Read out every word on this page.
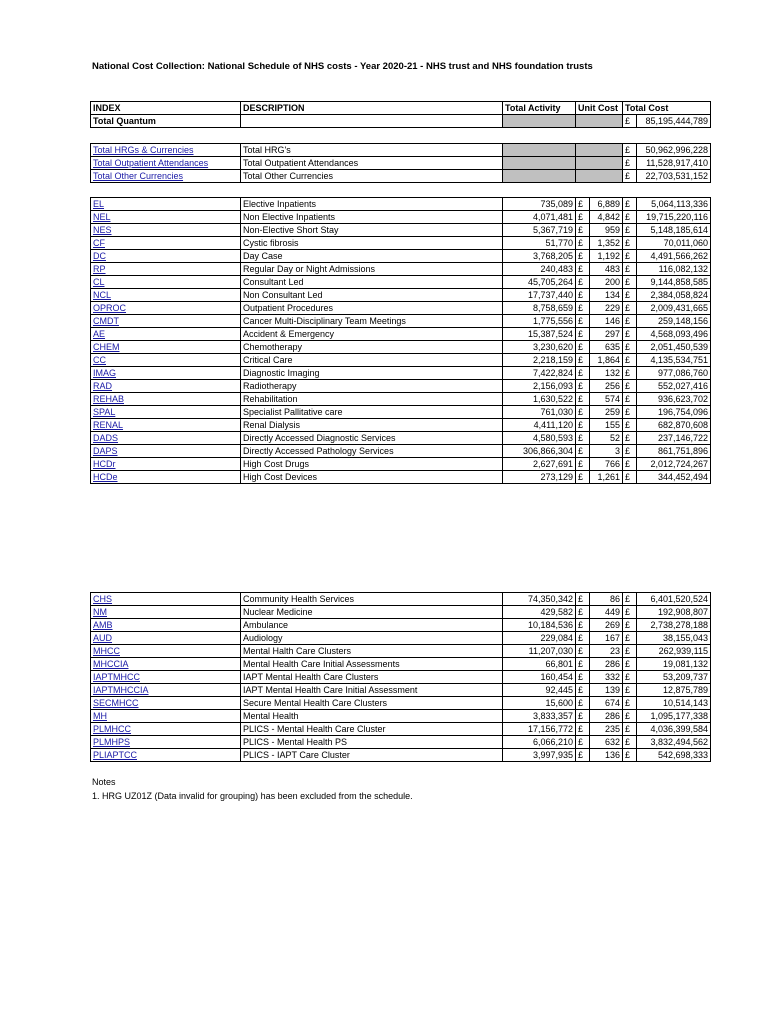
National Cost Collection: National Schedule of NHS costs - Year 2020-21 - NHS trust and NHS foundation trusts
INDEX	DESCRIPTION	Total Activity	Unit Cost	Total Cost	
Total Quantum				£	85,195,444,789
Total HRGs & Currencies	Total HRG's			£	50,962,996,228
Total Outpatient Attendances	Total Outpatient Attendances			£	11,528,917,410
Total Other Currencies	Total Other Currencies			£	22,703,531,152
EL	Elective Inpatients	735,089	£	6,889	£	5,064,113,336
NEL	Non Elective Inpatients	4,071,481	£	4,842	£	19,715,220,116
NES	Non-Elective Short Stay	5,367,719	£	959	£	5,148,185,614
CF	Cystic fibrosis	51,770	£	1,352	£	70,011,060
DC	Day Case	3,768,205	£	1,192	£	4,491,566,262
RP	Regular Day or Night Admissions	240,483	£	483	£	116,082,132
CL	Consultant Led	45,705,264	£	200	£	9,144,858,585
NCL	Non Consultant Led	17,737,440	£	134	£	2,384,058,824
OPROC	Outpatient Procedures	8,758,659	£	229	£	2,009,431,665
CMDT	Cancer Multi-Disciplinary Team Meetings	1,775,556	£	146	£	259,148,156
AE	Accident & Emergency	15,387,524	£	297	£	4,568,093,496
CHEM	Chemotherapy	3,230,620	£	635	£	2,051,450,539
CC	Critical Care	2,218,159	£	1,864	£	4,135,534,751
IMAG	Diagnostic Imaging	7,422,824	£	132	£	977,086,760
RAD	Radiotherapy	2,156,093	£	256	£	552,027,416
REHAB	Rehabilitation	1,630,522	£	574	£	936,623,702
SPAL	Specialist Pallitative care	761,030	£	259	£	196,754,096
RENAL	Renal Dialysis	4,411,120	£	155	£	682,870,608
DADS	Directly Accessed Diagnostic Services	4,580,593	£	52	£	237,146,722
DAPS	Directly Accessed Pathology Services	306,866,304	£	3	£	861,751,896
HCDr	High Cost Drugs	2,627,691	£	766	£	2,012,724,267
HCDe	High Cost Devices	273,129	£	1,261	£	344,452,494
CHS	Community Health Services	74,350,342	£	86	£	6,401,520,524
NM	Nuclear Medicine	429,582	£	449	£	192,908,807
AMB	Ambulance	10,184,536	£	269	£	2,738,278,188
AUD	Audiology	229,084	£	167	£	38,155,043
MHCC	Mental Halth Care Clusters	11,207,030	£	23	£	262,939,115
MHCCIA	Mental Health Care Initial Assessments	66,801	£	286	£	19,081,132
IAPTMHCC	IAPT Mental Health Care Clusters	160,454	£	332	£	53,209,737
IAPTMHCCIA	IAPT Mental Health Care Initial Assessment	92,445	£	139	£	12,875,789
SECMHCC	Secure Mental Health Care Clusters	15,600	£	674	£	10,514,143
MH	Mental Health	3,833,357	£	286	£	1,095,177,338
PLMHCC	PLICS - Mental Health Care Cluster	17,156,772	£	235	£	4,036,399,584
PLMHPS	PLICS - Mental Health PS	6,066,210	£	632	£	3,832,494,562
PLIAPTCC	PLICS - IAPT Care Cluster	3,997,935	£	136	£	542,698,333
Notes
1. HRG UZ01Z (Data invalid for grouping) has been excluded from the schedule.
